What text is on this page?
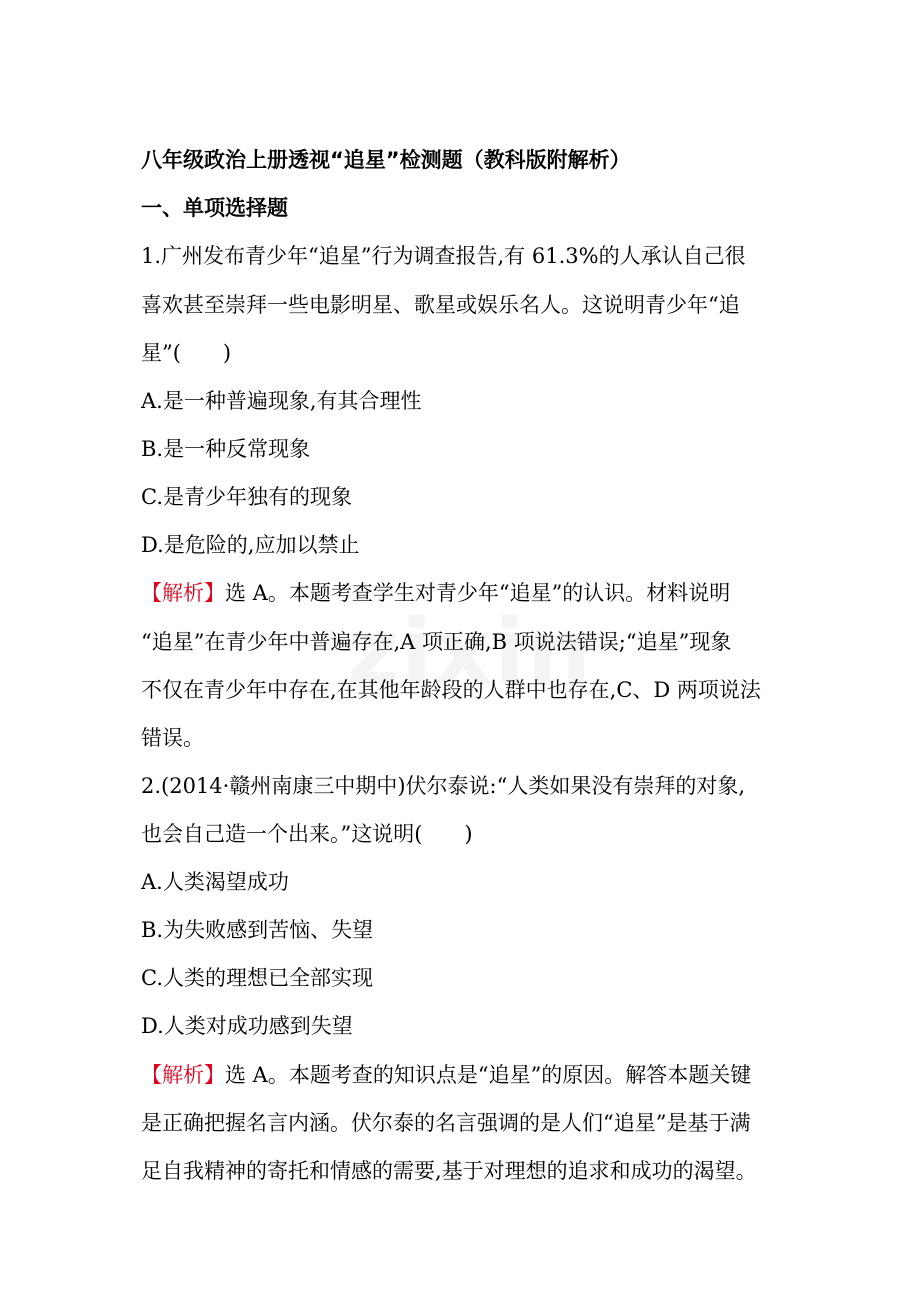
八年级政治上册透视“追星”检测题（教科版附解析）
一、单项选择题
1.广州发布青少年“追星”行为调查报告,有 61.3%的人承认自己很
喜欢甚至崇拜一些电影明星、歌星或娱乐名人。这说明青少年“追
星”(　　)
A.是一种普遍现象,有其合理性
B.是一种反常现象
C.是青少年独有的现象
D.是危险的,应加以禁止
【解析】选 A。本题考查学生对青少年“追星”的认识。材料说明
“追星”在青少年中普遍存在,A 项正确,B 项说法错误;“追星”现象
不仅在青少年中存在,在其他年龄段的人群中也存在,C、D 两项说法
错误。
2.(2014·赣州南康三中期中)伏尔泰说:“人类如果没有崇拜的对象,
也会自己造一个出来。”这说明(　　)
A.人类渴望成功
B.为失败感到苦恼、失望
C.人类的理想已全部实现
D.人类对成功感到失望
【解析】选 A。本题考查的知识点是“追星”的原因。解答本题关键
是正确把握名言内涵。伏尔泰的名言强调的是人们“追星”是基于满
足自我精神的寄托和情感的需要,基于对理想的追求和成功的渴望。
